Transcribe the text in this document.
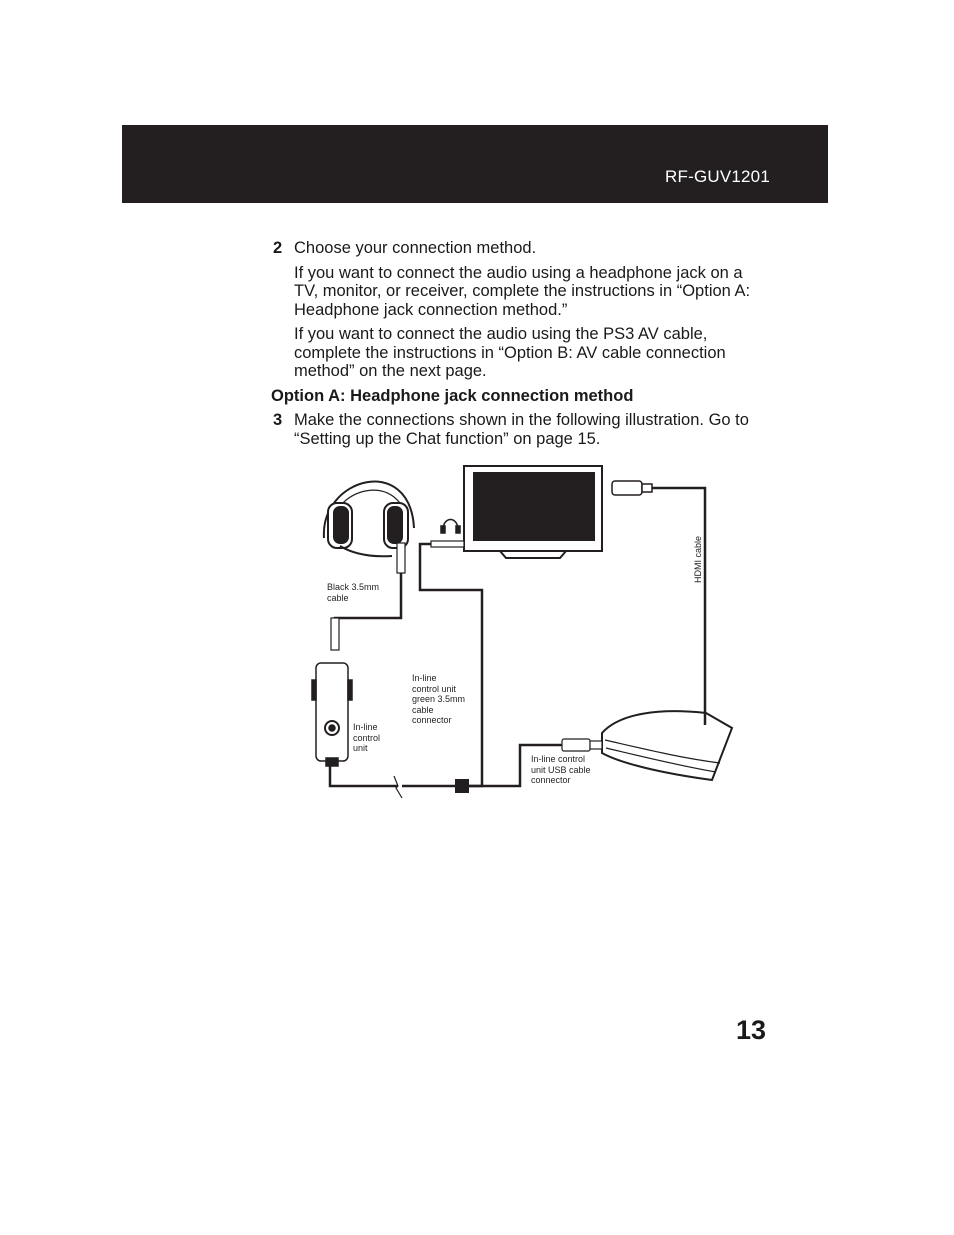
RF-GUV1201
2 Choose your connection method.

If you want to connect the audio using a headphone jack on a TV, monitor, or receiver, complete the instructions in “Option A: Headphone jack connection method.”

If you want to connect the audio using the PS3 AV cable, complete the instructions in “Option B: AV cable connection method” on the next page.

Option A: Headphone jack connection method
3 Make the connections shown in the following illustration. Go to “Setting up the Chat function” on page 15.

Black 3.5mm
cable
HDMI cable
In-line
control unit
green 3.5mm
cable
connector
In-line
control
unit
In-line control
unit USB cable
connector
13
